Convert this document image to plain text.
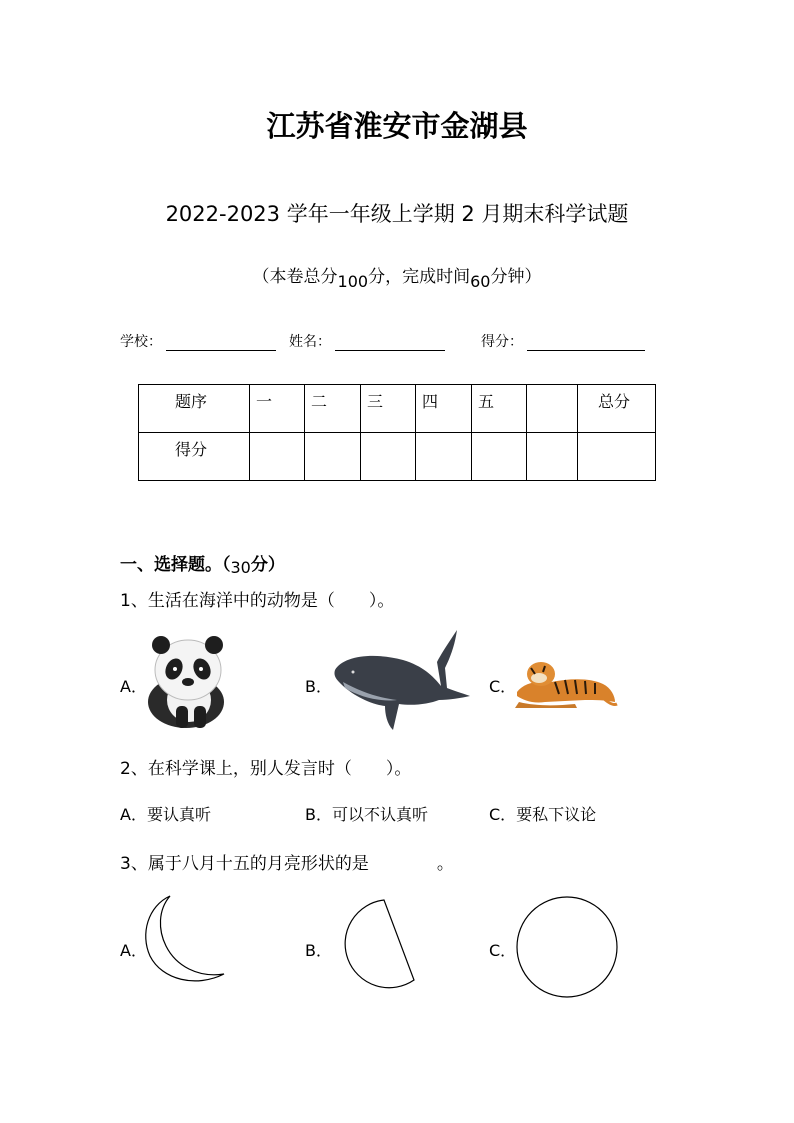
江苏省淮安市金湖县
2022-2023 学年一年级上学期 2 月期末科学试题
（本卷总分100分，完成时间60分钟）
学校：	姓名：	得分：
题序	一	二	三	四	五		总分
得分							
一、选择题。（30分）
1、生活在海洋中的动物是（　　）。
A．	B．	C．
2、在科学课上，别人发言时（　　）。
A．要认真听	B．可以不认真听	C．要私下议论
3、属于八月十五的月亮形状的是　　　　。
A．	B．	C．
